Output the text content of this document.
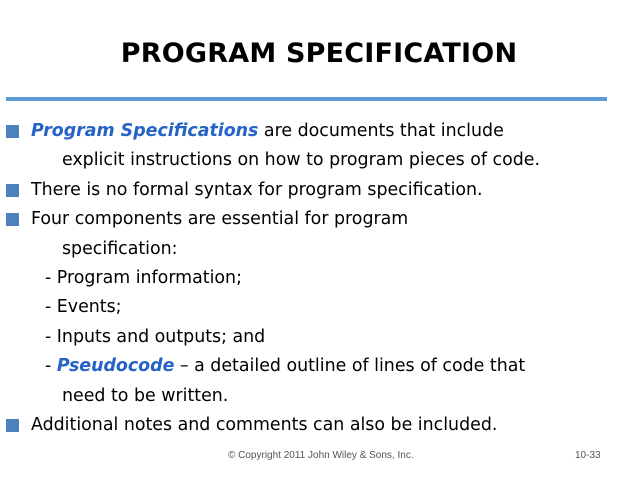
PROGRAM SPECIFICATION
Program Specifications are documents that include
explicit instructions on how to program pieces of code.
There is no formal syntax for program specification.
Four components are essential for program
specification:
- Program information;
- Events;
- Inputs and outputs; and
- Pseudocode – a detailed outline of lines of code that
need to be written.
Additional notes and comments can also be included.
© Copyright 2011 John Wiley & Sons, Inc.	10-33
